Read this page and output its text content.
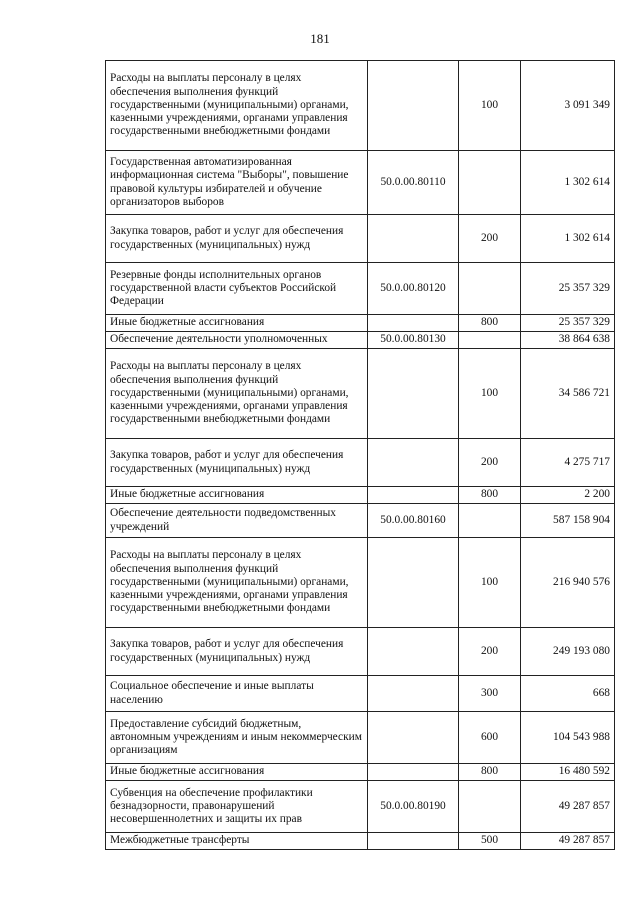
181
Расходы на выплаты персоналу в целях обеспечения выполнения функций государственными (муниципальными) органами, казенными учреждениями, органами управления государственными внебюджетными фондами		100	3 091 349
Государственная автоматизированная информационная система "Выборы", повышение правовой культуры избирателей и обучение организаторов выборов	50.0.00.80110		1 302 614
Закупка товаров, работ и услуг для обеспечения государственных (муниципальных) нужд		200	1 302 614
Резервные фонды исполнительных органов государственной власти субъектов Российской Федерации	50.0.00.80120		25 357 329
Иные бюджетные ассигнования		800	25 357 329
Обеспечение деятельности уполномоченных	50.0.00.80130		38 864 638
Расходы на выплаты персоналу в целях обеспечения выполнения функций государственными (муниципальными) органами, казенными учреждениями, органами управления государственными внебюджетными фондами		100	34 586 721
Закупка товаров, работ и услуг для обеспечения государственных (муниципальных) нужд		200	4 275 717
Иные бюджетные ассигнования		800	2 200
Обеспечение деятельности подведомственных учреждений	50.0.00.80160		587 158 904
Расходы на выплаты персоналу в целях обеспечения выполнения функций государственными (муниципальными) органами, казенными учреждениями, органами управления государственными внебюджетными фондами		100	216 940 576
Закупка товаров, работ и услуг для обеспечения государственных (муниципальных) нужд		200	249 193 080
Социальное обеспечение и иные выплаты населению		300	668
Предоставление субсидий бюджетным, автономным учреждениям и иным некоммерческим организациям		600	104 543 988
Иные бюджетные ассигнования		800	16 480 592
Субвенция на обеспечение профилактики безнадзорности, правонарушений несовершеннолетних и защиты их прав	50.0.00.80190		49 287 857
Межбюджетные трансферты		500	49 287 857
